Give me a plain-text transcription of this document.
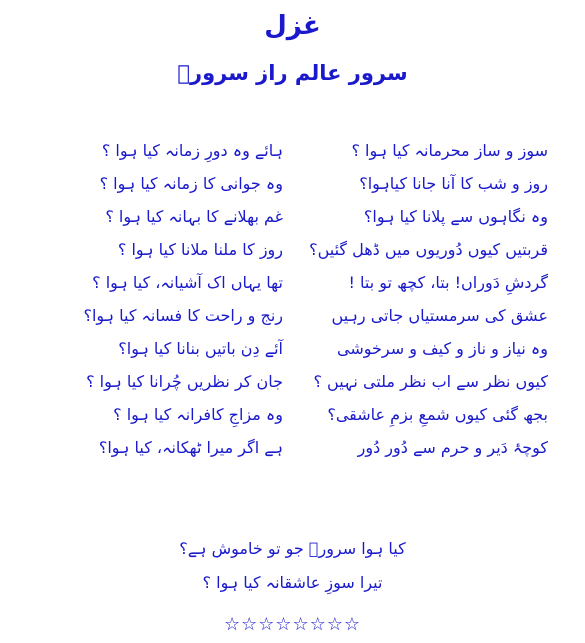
غزل
سرور عالم راز سرورؔ
سوز و ساز محرمانہ کیا ہوا ؟
ہائے وہ دورِ زمانہ کیا ہوا ؟
روز و شب کا آنا جانا کیاہوا؟
وہ جوانی کا زمانہ کیا ہوا ؟
وہ نگاہوں سے پلانا کیا ہوا؟
غم بھلانے کا بہانہ کیا ہوا ؟
قربتیں کیوں دُوریوں میں ڈھل گئیں؟
روز کا ملنا ملانا کیا ہوا ؟
گردشِ دَوراں! بتا، کچھ تو بتا !
تھا یہاں اک آشیانہ، کیا ہوا ؟
عشق کی سرمستیاں جاتی رہیں
رنج و راحت کا فسانہ کیا ہوا؟
وہ نیاز و ناز و کیف و سرخوشی
آئے دِن باتیں بنانا کیا ہوا؟
کیوں نظر سے اب نظر ملتی نہیں ؟
جان کر نظریں چُرانا کیا ہوا ؟
بجھ گئی کیوں شمعِ بزمِ عاشقی؟
وہ مزاجِ کافرانہ کیا ہوا ؟
کوچۂ دَیر و حرم سے دُور دُور
ہے اگر میرا ٹھکانہ، کیا ہوا؟
کیا ہوا سرورؔ جو تو خاموش ہے؟
تیرا سوزِ عاشقانہ کیا ہوا ؟
☆☆☆☆☆☆☆☆
